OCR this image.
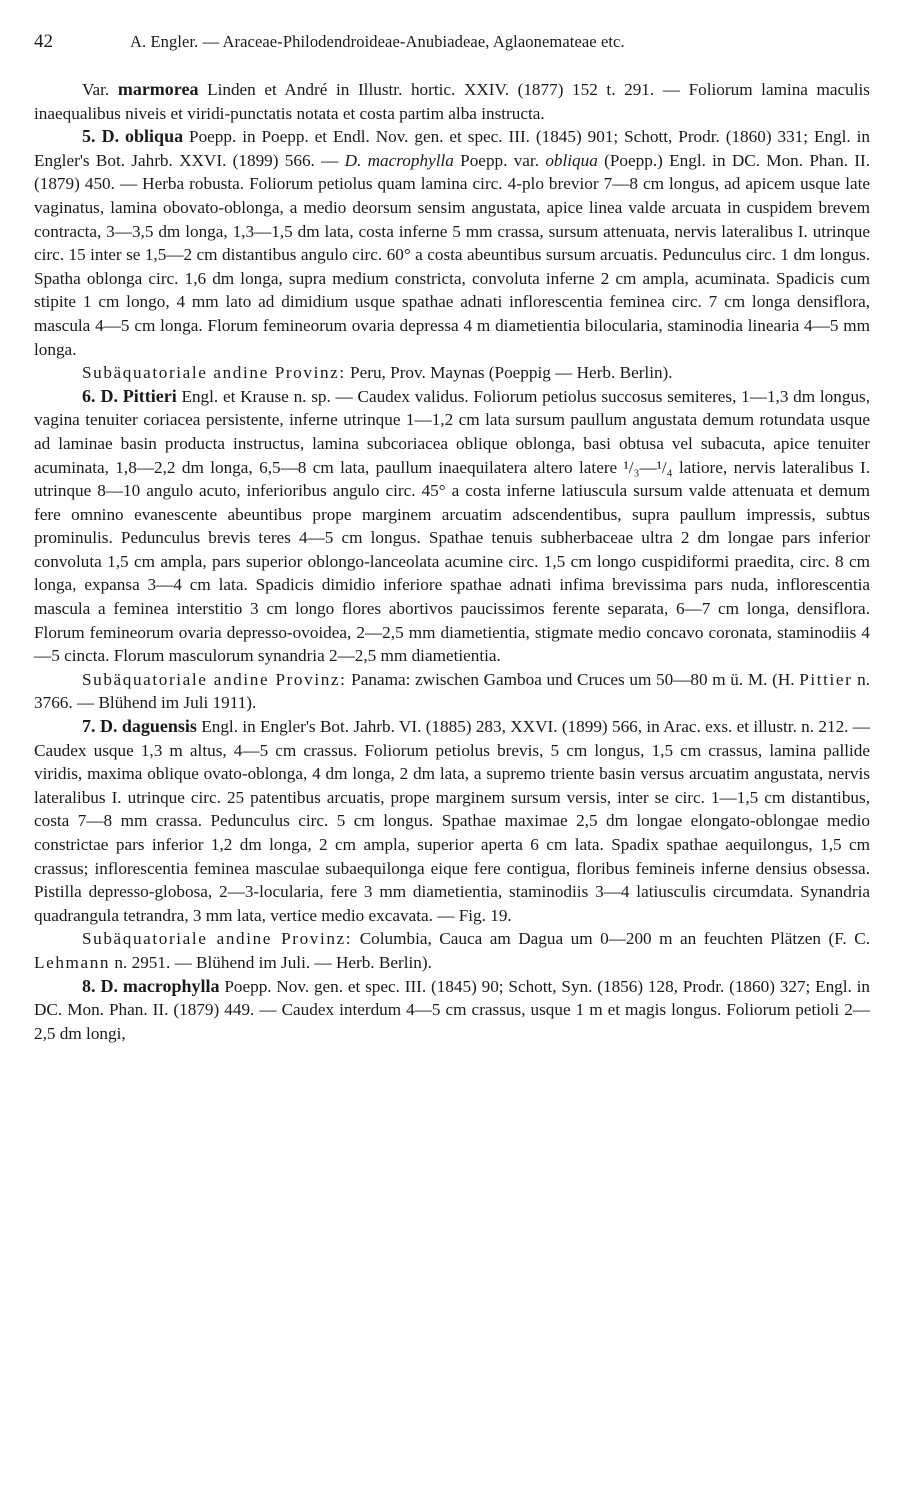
42	A. Engler. — Araceae-Philodendroideae-Anubiadeae, Aglaonemateae etc.

Var. marmorea Linden et André in Illustr. hortic. XXIV. (1877) 152 t. 291. — Foliorum lamina maculis inaequalibus niveis et viridi-punctatis notata et costa partim alba instructa.

5. D. obliqua Poepp. in Poepp. et Endl. Nov. gen. et spec. III. (1845) 901; Schott, Prodr. (1860) 331; Engl. in Engler's Bot. Jahrb. XXVI. (1899) 566. — D. macrophylla Poepp. var. obliqua (Poepp.) Engl. in DC. Mon. Phan. II. (1879) 450. — Herba robusta. Foliorum petiolus quam lamina circ. 4-plo brevior 7—8 cm longus, ad apicem usque late vaginatus, lamina obovato-oblonga, a medio deorsum sensim angustata, apice linea valde arcuata in cuspidem brevem contracta, 3—3,5 dm longa, 1,3—1,5 dm lata, costa inferne 5 mm crassa, sursum attenuata, nervis lateralibus I. utrinque circ. 15 inter se 1,5—2 cm distantibus angulo circ. 60° a costa abeuntibus sursum arcuatis. Pedunculus circ. 1 dm longus. Spatha oblonga circ. 1,6 dm longa, supra medium constricta, convoluta inferne 2 cm ampla, acuminata. Spadicis cum stipite 1 cm longo, 4 mm lato ad dimidium usque spathae adnati inflorescentia feminea circ. 7 cm longa densiflora, mascula 4—5 cm longa. Florum femineorum ovaria depressa 4 m diametientia bilocularia, staminodia linearia 4—5 mm longa.

Subäquatoriale andine Provinz: Peru, Prov. Maynas (Poeppig — Herb. Berlin).

6. D. Pittieri Engl. et Krause n. sp. — Caudex validus. Foliorum petiolus succosus semiteres, 1—1,3 dm longus, vagina tenuiter coriacea persistente, inferne utrinque 1—1,2 cm lata sursum paullum angustata demum rotundata usque ad laminae basin producta instructus, lamina subcoriacea oblique oblonga, basi obtusa vel subacuta, apice tenuiter acuminata, 1,8—2,2 dm longa, 6,5—8 cm lata, paullum inaequilatera altero latere ¹/₃—¹/₄ latiore, nervis lateralibus I. utrinque 8—10 angulo acuto, inferioribus angulo circ. 45° a costa inferne latiusculа sursum valde attenuata et demum fere omnino evanescente abeuntibus prope marginem arcuatim adscendentibus, supra paullum impressis, subtus prominulis. Pedunculus brevis teres 4—5 cm longus. Spathae tenuis subherbaceae ultra 2 dm longae pars inferior convoluta 1,5 cm ampla, pars superior oblongo-lanceolata acumine circ. 1,5 cm longo cuspidiformi praedita, circ. 8 cm longa, expansa 3—4 cm lata. Spadicis dimidio inferiore spathae adnati infima brevissima pars nuda, inflorescentia mascula a feminea interstitio 3 cm longo flores abortivos paucissimos ferente separata, 6—7 cm longa, densiflora. Florum femineorum ovaria depresso-ovoidea, 2—2,5 mm diametientia, stigmate medio concavo coronata, staminodiis 4—5 cincta. Florum masculorum synandria 2—2,5 mm diametientia.

Subäquatoriale andine Provinz: Panama: zwischen Gamboa und Cruces um 50—80 m ü. M. (H. Pittier n. 3766. — Blühend im Juli 1911).

7. D. daguensis Engl. in Engler's Bot. Jahrb. VI. (1885) 283, XXVI. (1899) 566, in Arac. exs. et illustr. n. 212. — Caudex usque 1,3 m altus, 4—5 cm crassus. Foliorum petiolus brevis, 5 cm longus, 1,5 cm crassus, lamina pallide viridis, maxima oblique ovato-oblonga, 4 dm longa, 2 dm lata, a supremo triente basin versus arcuatim angustata, nervis lateralibus I. utrinque circ. 25 patentibus arcuatis, prope marginem sursum versis, inter se circ. 1—1,5 cm distantibus, costa 7—8 mm crassa. Pedunculus circ. 5 cm longus. Spathae maximae 2,5 dm longae elongato-oblongae medio constrictae pars inferior 1,2 dm longa, 2 cm ampla, superior aperta 6 cm lata. Spadix spathae aequilongus, 1,5 cm crassus; inflorescentia feminea masculae subaequilonga eique fere contigua, floribus femineis inferne densius obsessa. Pistilla depresso-globosa, 2—3-locularia, fere 3 mm diametientia, staminodiis 3—4 latiusculis circumdata. Synandria quadrangula tetrandra, 3 mm lata, vertice medio excavata. — Fig. 19.

Subäquatoriale andine Provinz: Columbia, Cauca am Dagua um 0—200 m an feuchten Plätzen (F. C. Lehmann n. 2951. — Blühend im Juli. — Herb. Berlin).

8. D. macrophylla Poepp. Nov. gen. et spec. III. (1845) 90; Schott, Syn. (1856) 128, Prodr. (1860) 327; Engl. in DC. Mon. Phan. II. (1879) 449. — Caudex interdum 4—5 cm crassus, usque 1 m et magis longus. Foliorum petioli 2—2,5 dm longi,
